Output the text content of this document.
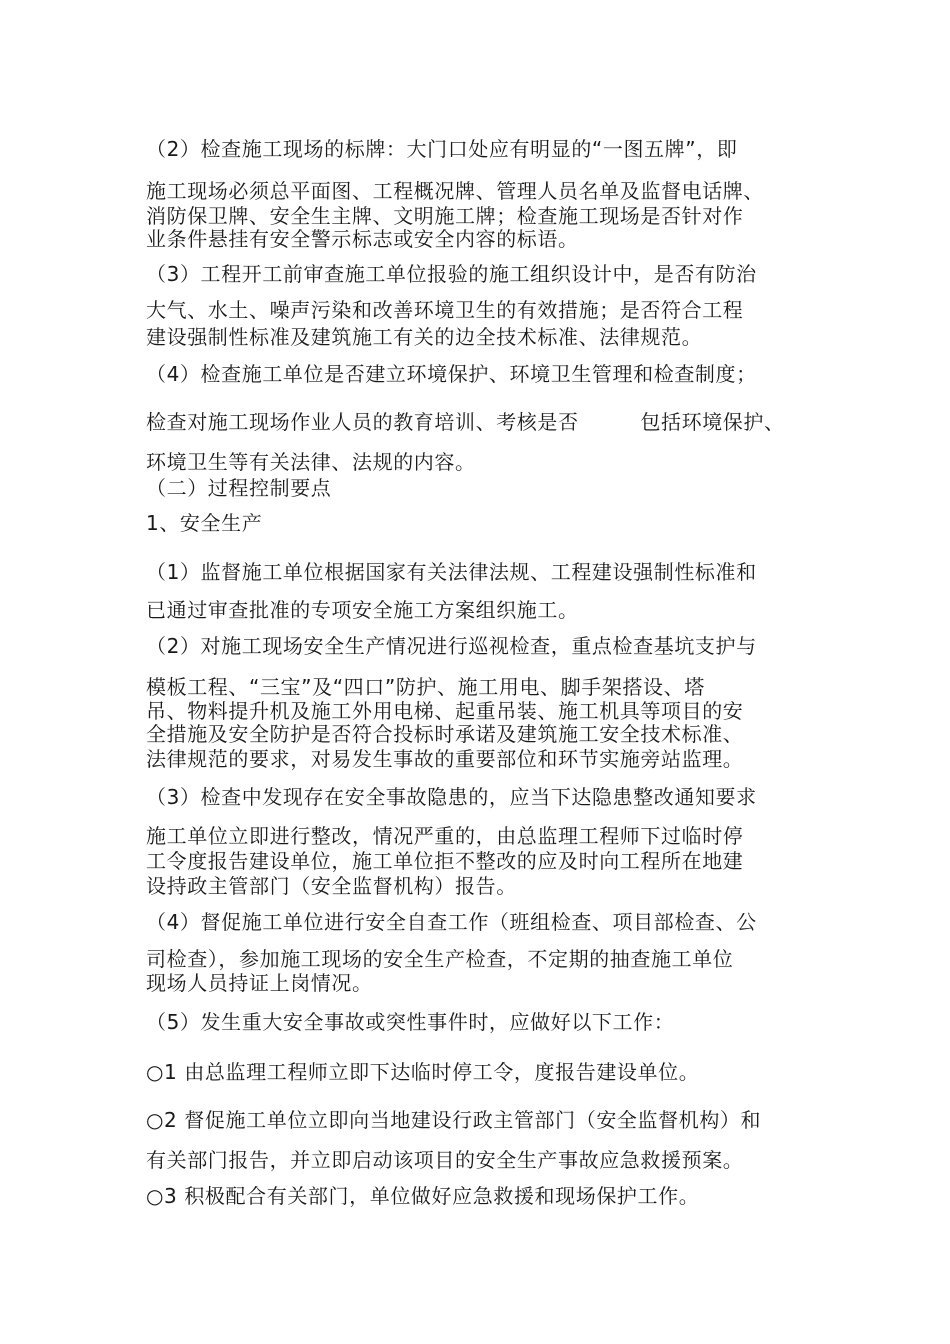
（2）检查施工现场的标牌：大门口处应有明显的“一图五牌”，即
施工现场必须总平面图、工程概况牌、管理人员名单及监督电话牌、
消防保卫牌、安全生主牌、文明施工牌；检查施工现场是否针对作
业条件悬挂有安全警示标志或安全内容的标语。
（3）工程开工前审查施工单位报验的施工组织设计中，是否有防治
大气、水土、噪声污染和改善环境卫生的有效措施；是否符合工程
建设强制性标准及建筑施工有关的边全技术标准、法律规范。
（4）检查施工单位是否建立环境保护、环境卫生管理和检查制度；
检查对施工现场作业人员的教育培训、考核是否　　　包括环境保护、
环境卫生等有关法律、法规的内容。
（二）过程控制要点
1、安全生产
（1）监督施工单位根据国家有关法律法规、工程建设强制性标准和
已通过审查批准的专项安全施工方案组织施工。
（2）对施工现场安全生产情况进行巡视检查，重点检查基坑支护与
模板工程、“三宝”及“四口”防护、施工用电、脚手架搭设、塔
吊、物料提升机及施工外用电梯、起重吊装、施工机具等项目的安
全措施及安全防护是否符合投标时承诺及建筑施工安全技术标准、
法律规范的要求，对易发生事故的重要部位和环节实施旁站监理。
（3）检查中发现存在安全事故隐患的，应当下达隐患整改通知要求
施工单位立即进行整改，情况严重的，由总监理工程师下过临时停
工令度报告建设单位，施工单位拒不整改的应及时向工程所在地建
设持政主管部门（安全监督机构）报告。
（4）督促施工单位进行安全自查工作（班组检查、项目部检查、公
司检查），参加施工现场的安全生产检查，不定期的抽查施工单位
现场人员持证上岗情况。
（5）发生重大安全事故或突性事件时，应做好以下工作：
○1 由总监理工程师立即下达临时停工令，度报告建设单位。
○2 督促施工单位立即向当地建设行政主管部门（安全监督机构）和
有关部门报告，并立即启动该项目的安全生产事故应急救援预案。
○3 积极配合有关部门，单位做好应急救援和现场保护工作。
